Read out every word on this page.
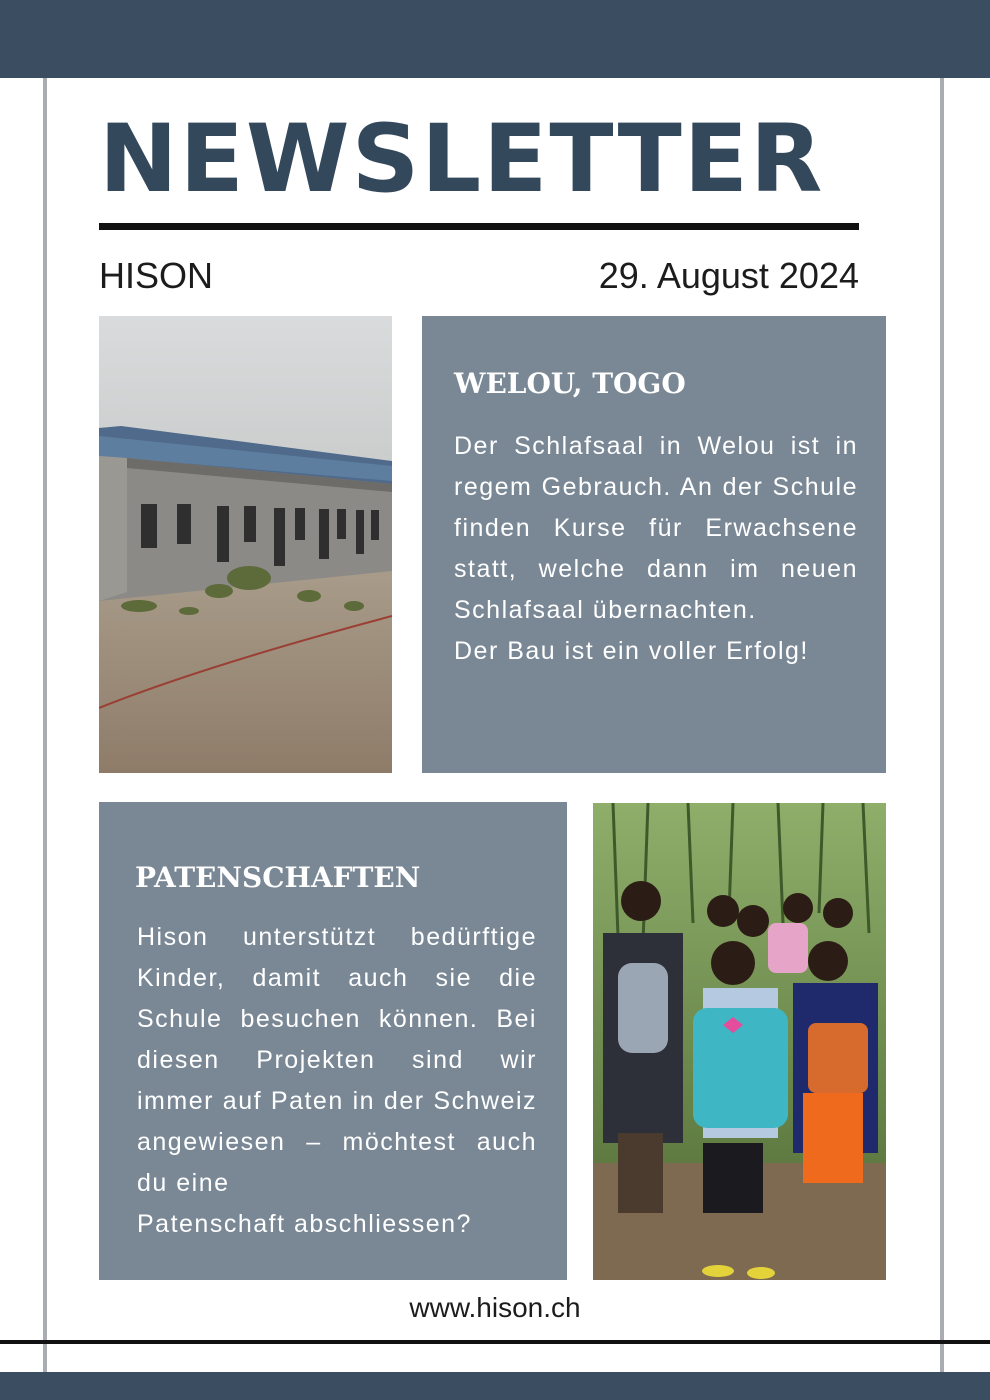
NEWSLETTER
HISON	29. August 2024
WELOU, TOGO

Der Schlafsaal in Welou ist in regem Gebrauch. An der Schule finden Kurse für Erwachsene statt, welche dann im neuen Schlafsaal übernachten.
Der Bau ist ein voller Erfolg!

PATENSCHAFTEN

Hison unterstützt bedürftige Kinder, damit auch sie die Schule besuchen können. Bei diesen Projekten sind wir immer auf Paten in der Schweiz angewiesen – möchtest auch du eine
Patenschaft abschliessen?

www.hison.ch
